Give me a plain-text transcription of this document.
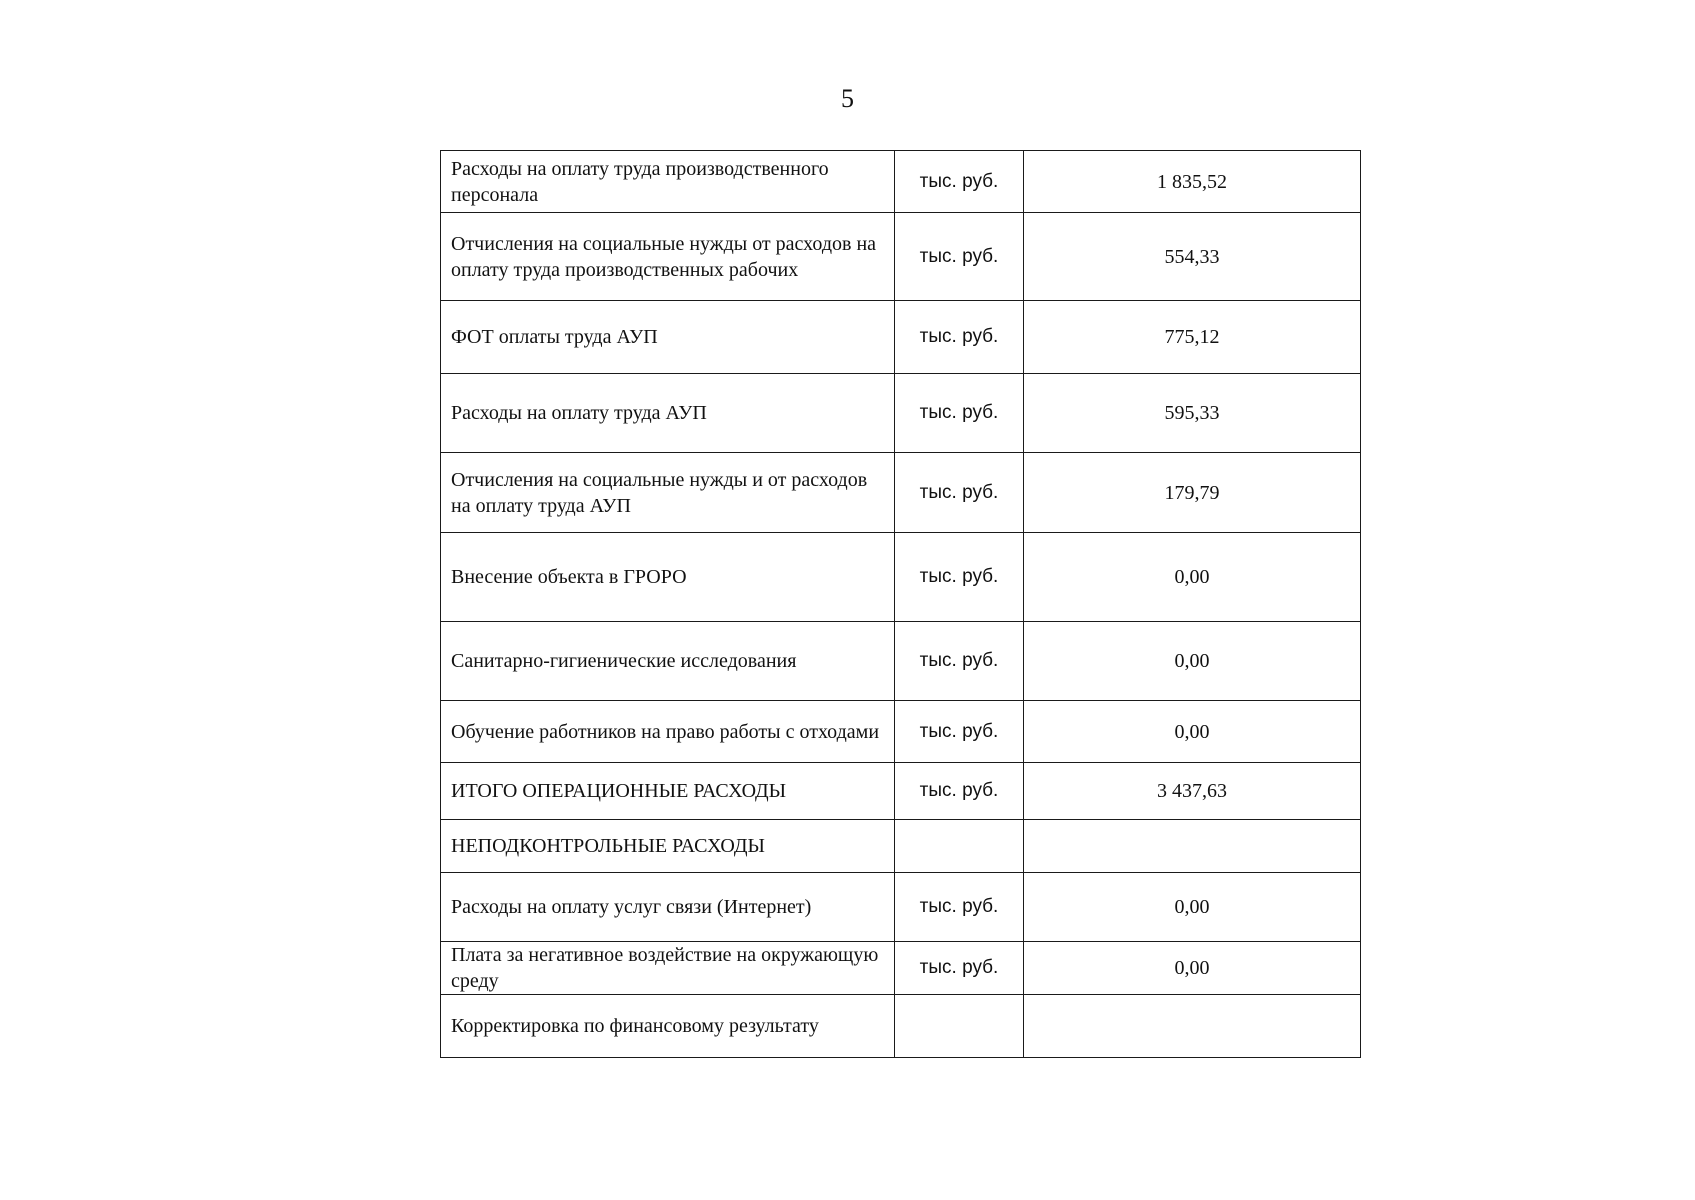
5
Расходы на оплату труда производственного персонала	тыс. руб.	1 835,52
Отчисления на социальные нужды от расходов на оплату труда производственных рабочих	тыс. руб.	554,33
ФОТ оплаты труда АУП	тыс. руб.	775,12
Расходы на оплату труда АУП	тыс. руб.	595,33
Отчисления на социальные нужды и от расходов на оплату труда АУП	тыс. руб.	179,79
Внесение объекта в ГРОРО	тыс. руб.	0,00
Санитарно-гигиенические исследования	тыс. руб.	0,00
Обучение работников на право работы с отходами	тыс. руб.	0,00
ИТОГО ОПЕРАЦИОННЫЕ РАСХОДЫ	тыс. руб.	3 437,63
НЕПОДКОНТРОЛЬНЫЕ РАСХОДЫ		
Расходы на оплату услуг связи (Интернет)	тыс. руб.	0,00
Плата за негативное воздействие на окружающую среду	тыс. руб.	0,00
Корректировка по финансовому результату		
